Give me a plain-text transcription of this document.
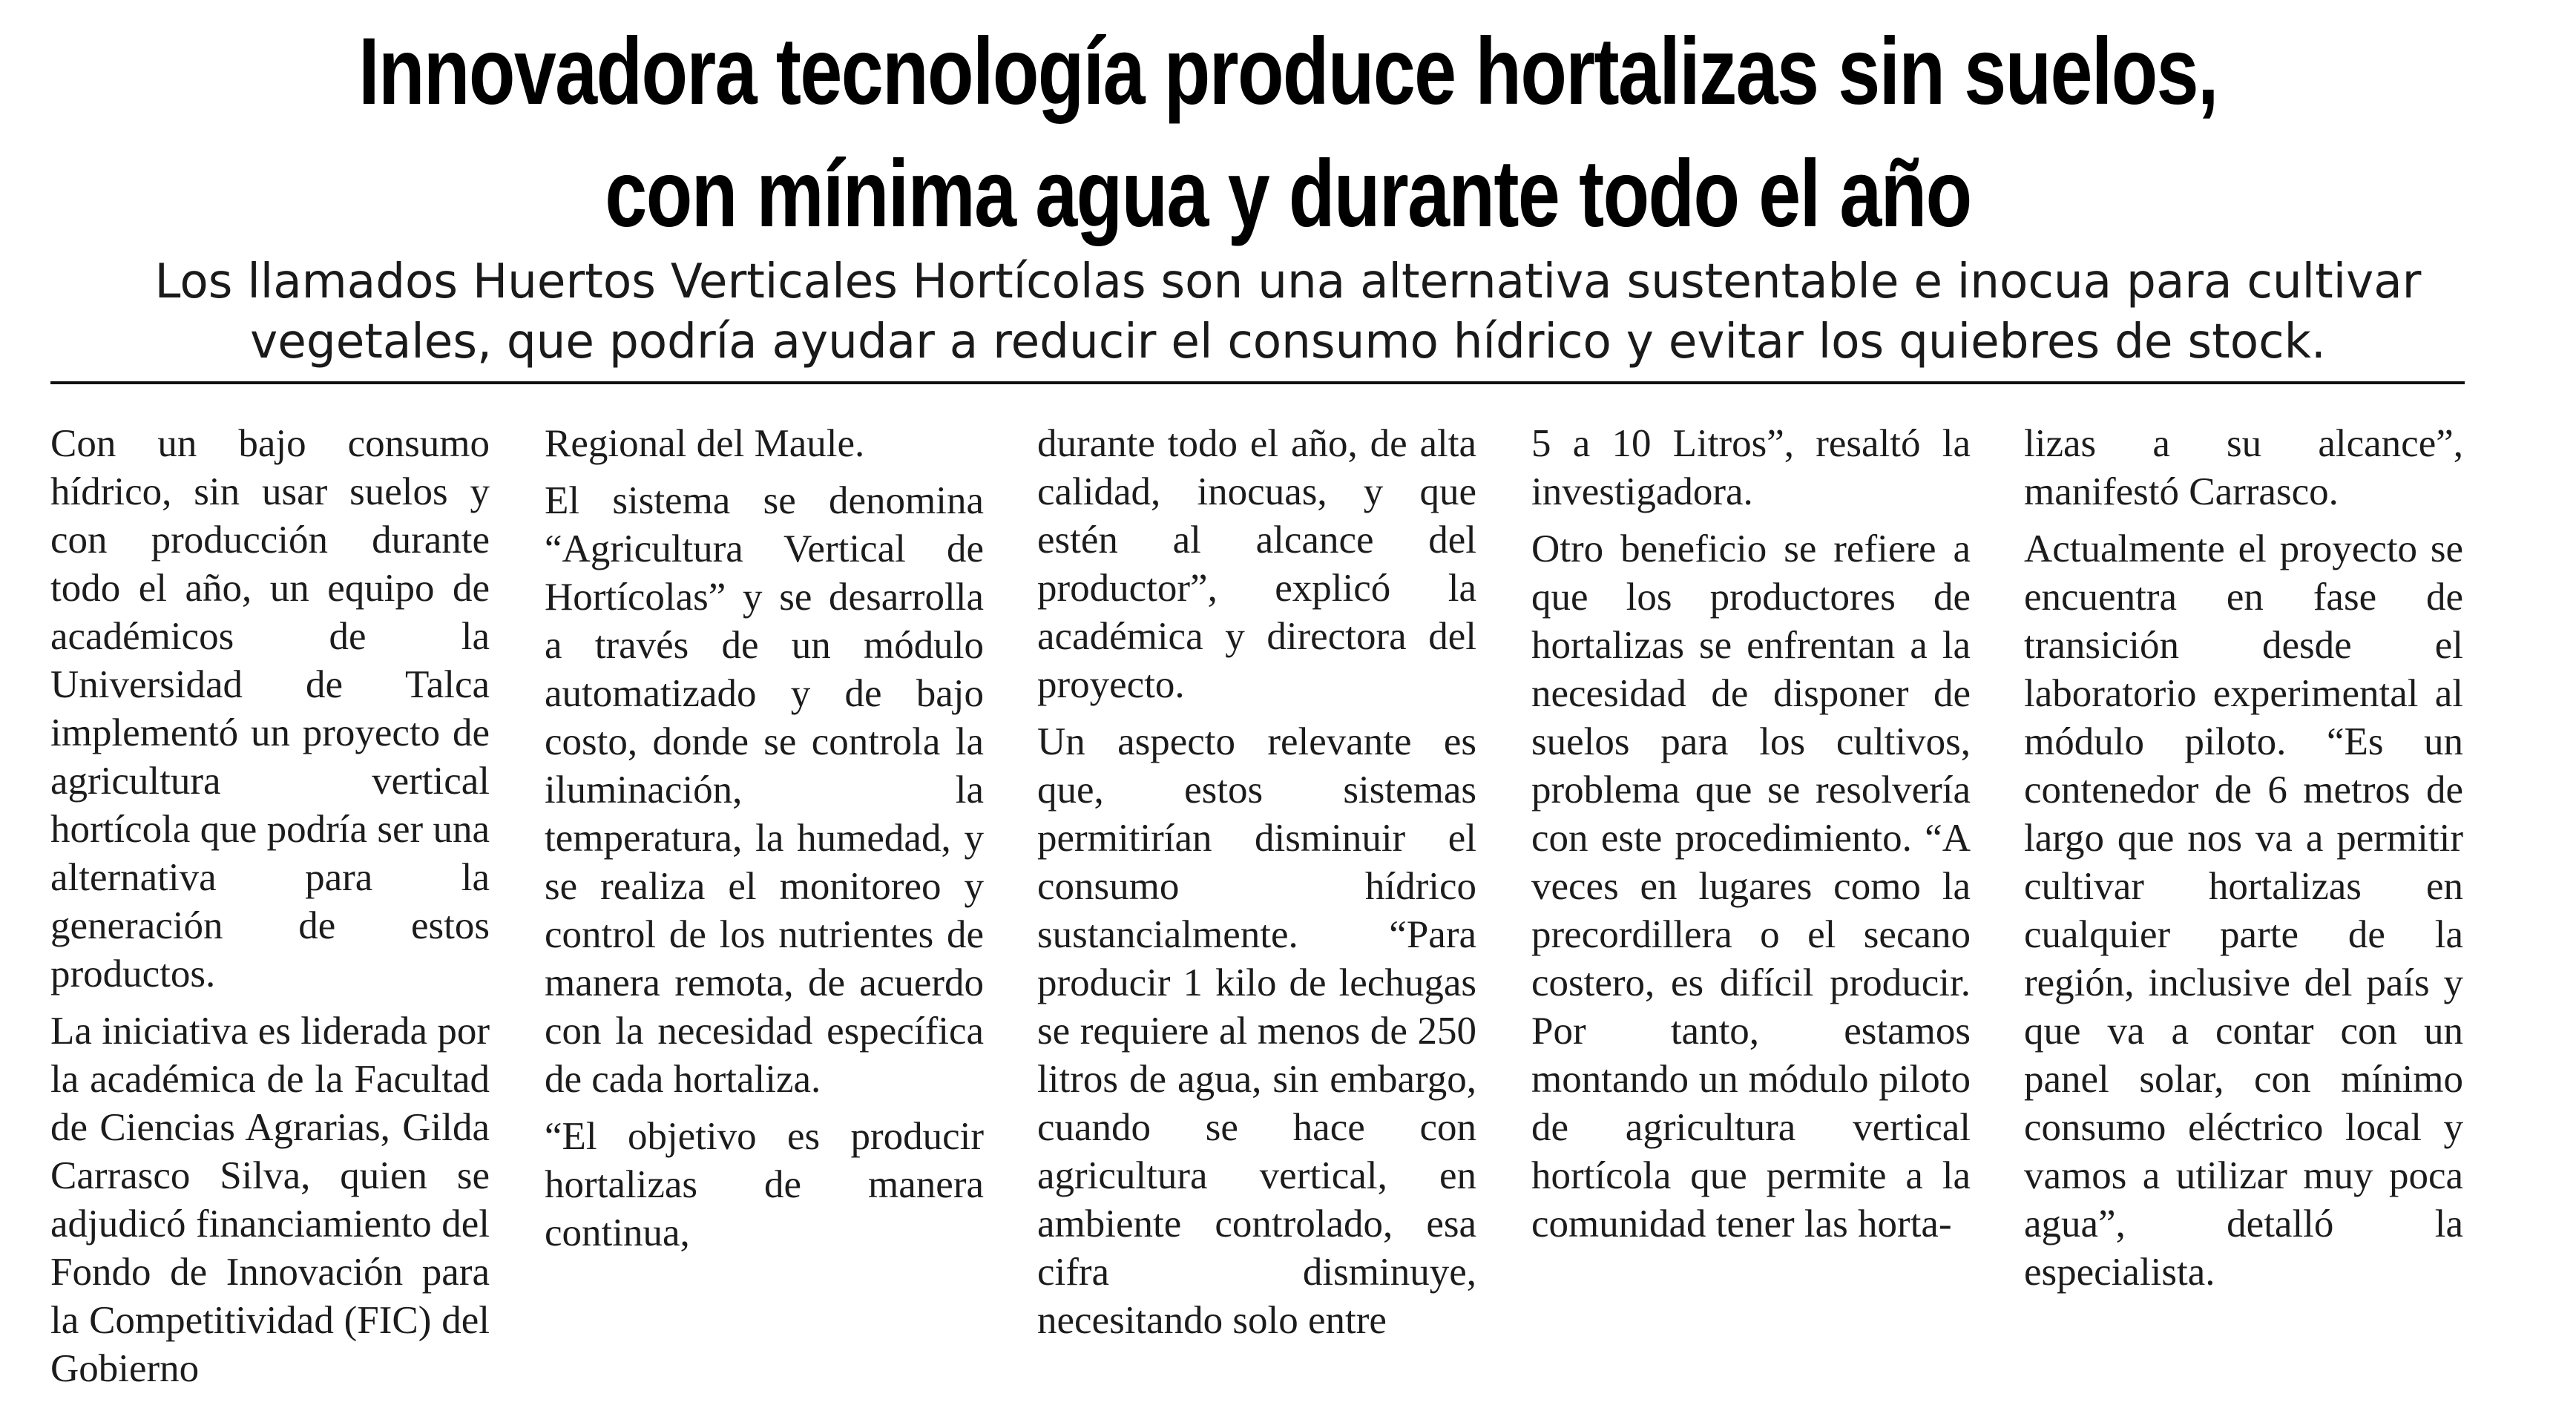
Innovadora tecnología produce hortalizas sin suelos,
con mínima agua y durante todo el año
Los llamados Huertos Verticales Hortícolas son una alternativa sustentable e inocua para cultivar
vegetales, que podría ayudar a reducir el consumo hídrico y evitar los quiebres de stock.

Con un bajo consumo hídrico, sin usar suelos y con producción durante todo el año, un equipo de académicos de la Universidad de Talca implementó un proyecto de agricultura vertical hortícola que podría ser una alternativa para la generación de estos productos.

La iniciativa es liderada por la académica de la Facultad de Ciencias Agrarias, Gilda Carrasco Silva, quien se adjudicó financiamiento del Fondo de Innovación para la Competitividad (FIC) del Gobierno

Regional del Maule.

El sistema se denomina “Agricultura Vertical de Hortícolas” y se desarrolla a través de un módulo automatizado y de bajo costo, donde se controla la iluminación, la temperatura, la humedad, y se realiza el monitoreo y control de los nutrientes de manera remota, de acuerdo con la necesidad específica de cada hortaliza.

“El objetivo es producir hortalizas de manera continua,

durante todo el año, de alta calidad, inocuas, y que estén al alcance del productor”, explicó la académica y directora del proyecto.

Un aspecto relevante es que, estos sistemas permitirían disminuir el consumo hídrico sustancialmente. “Para producir 1 kilo de lechugas se requiere al menos de 250 litros de agua, sin embargo, cuando se hace con agricultura vertical, en ambiente controlado, esa cifra disminuye, necesitando solo entre

5 a 10 Litros”, resaltó la investigadora.

Otro beneficio se refiere a que los productores de hortalizas se enfrentan a la necesidad de disponer de suelos para los cultivos, problema que se resolvería con este procedimiento. “A veces en lugares como la precordillera o el secano costero, es difícil producir. Por tanto, estamos montando un módulo piloto de agricultura vertical hortícola que permite a la comunidad tener las horta-

lizas a su alcance”, manifestó Carrasco.

Actualmente el proyecto se encuentra en fase de transición desde el laboratorio experimental al módulo piloto. “Es un contenedor de 6 metros de largo que nos va a permitir cultivar hortalizas en cualquier parte de la región, inclusive del país y que va a contar con un panel solar, con mínimo consumo eléctrico local y vamos a utilizar muy poca agua”, detalló la especialista.
